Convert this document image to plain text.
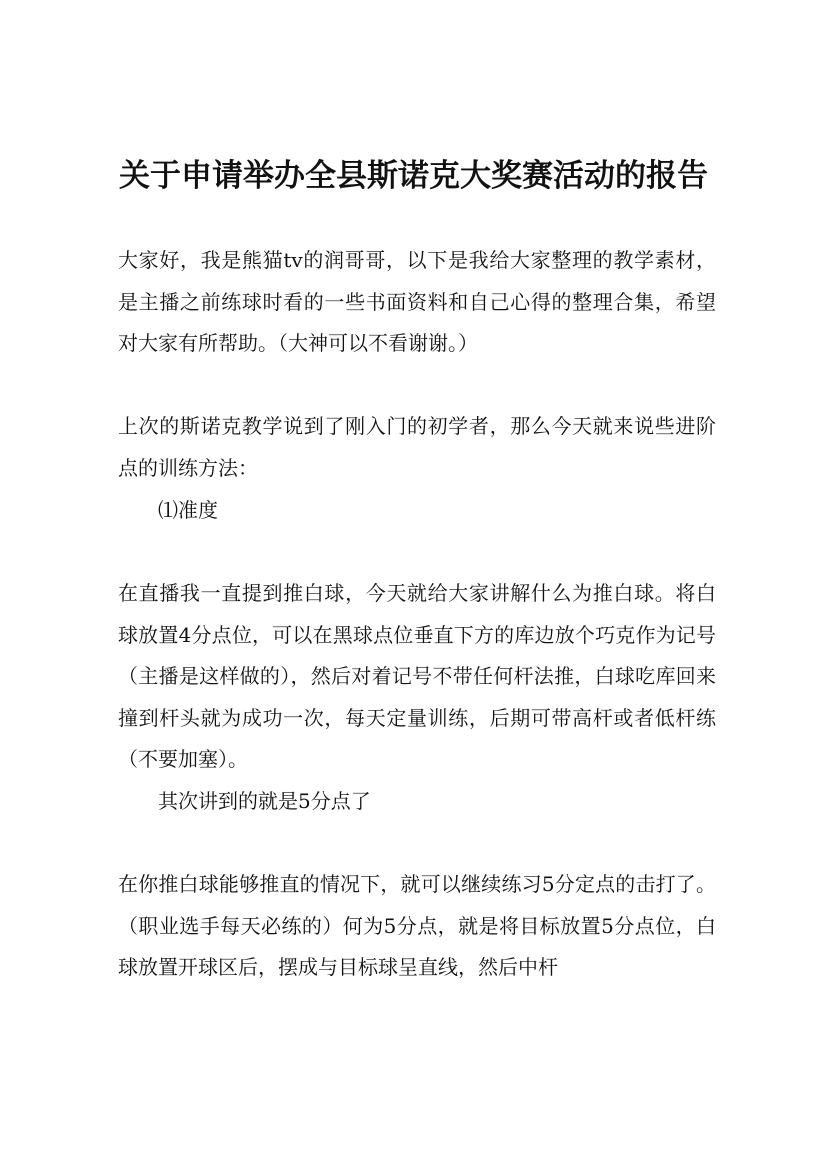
关于申请举办全县斯诺克大奖赛活动的报告

大家好，我是熊猫tv的润哥哥，以下是我给大家整理的教学素材，是主播之前练球时看的一些书面资料和自己心得的整理合集，希望对大家有所帮助。（大神可以不看谢谢。）

上次的斯诺克教学说到了刚入门的初学者，那么今天就来说些进阶点的训练方法：

⑴准度

在直播我一直提到推白球，今天就给大家讲解什么为推白球。将白球放置4分点位，可以在黑球点位垂直下方的库边放个巧克作为记号（主播是这样做的），然后对着记号不带任何杆法推，白球吃库回来撞到杆头就为成功一次，每天定量训练，后期可带高杆或者低杆练（不要加塞）。

其次讲到的就是5分点了

在你推白球能够推直的情况下，就可以继续练习5分定点的击打了。（职业选手每天必练的）何为5分点，就是将目标放置5分点位，白球放置开球区后，摆成与目标球呈直线，然后中杆
